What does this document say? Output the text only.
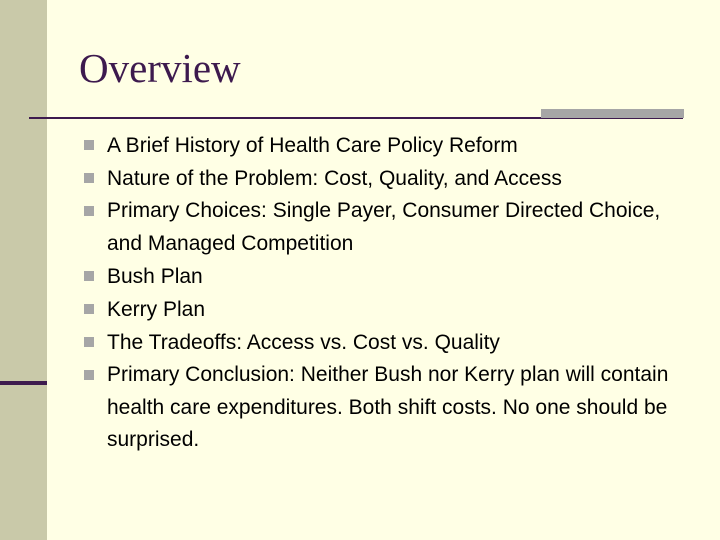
Overview
A Brief History of Health Care Policy Reform
Nature of the Problem: Cost, Quality, and Access
Primary Choices: Single Payer, Consumer Directed Choice, and Managed Competition
Bush Plan
Kerry Plan
The Tradeoffs: Access vs. Cost vs. Quality
Primary Conclusion: Neither Bush nor Kerry plan will contain health care expenditures. Both shift costs. No one should be surprised.
